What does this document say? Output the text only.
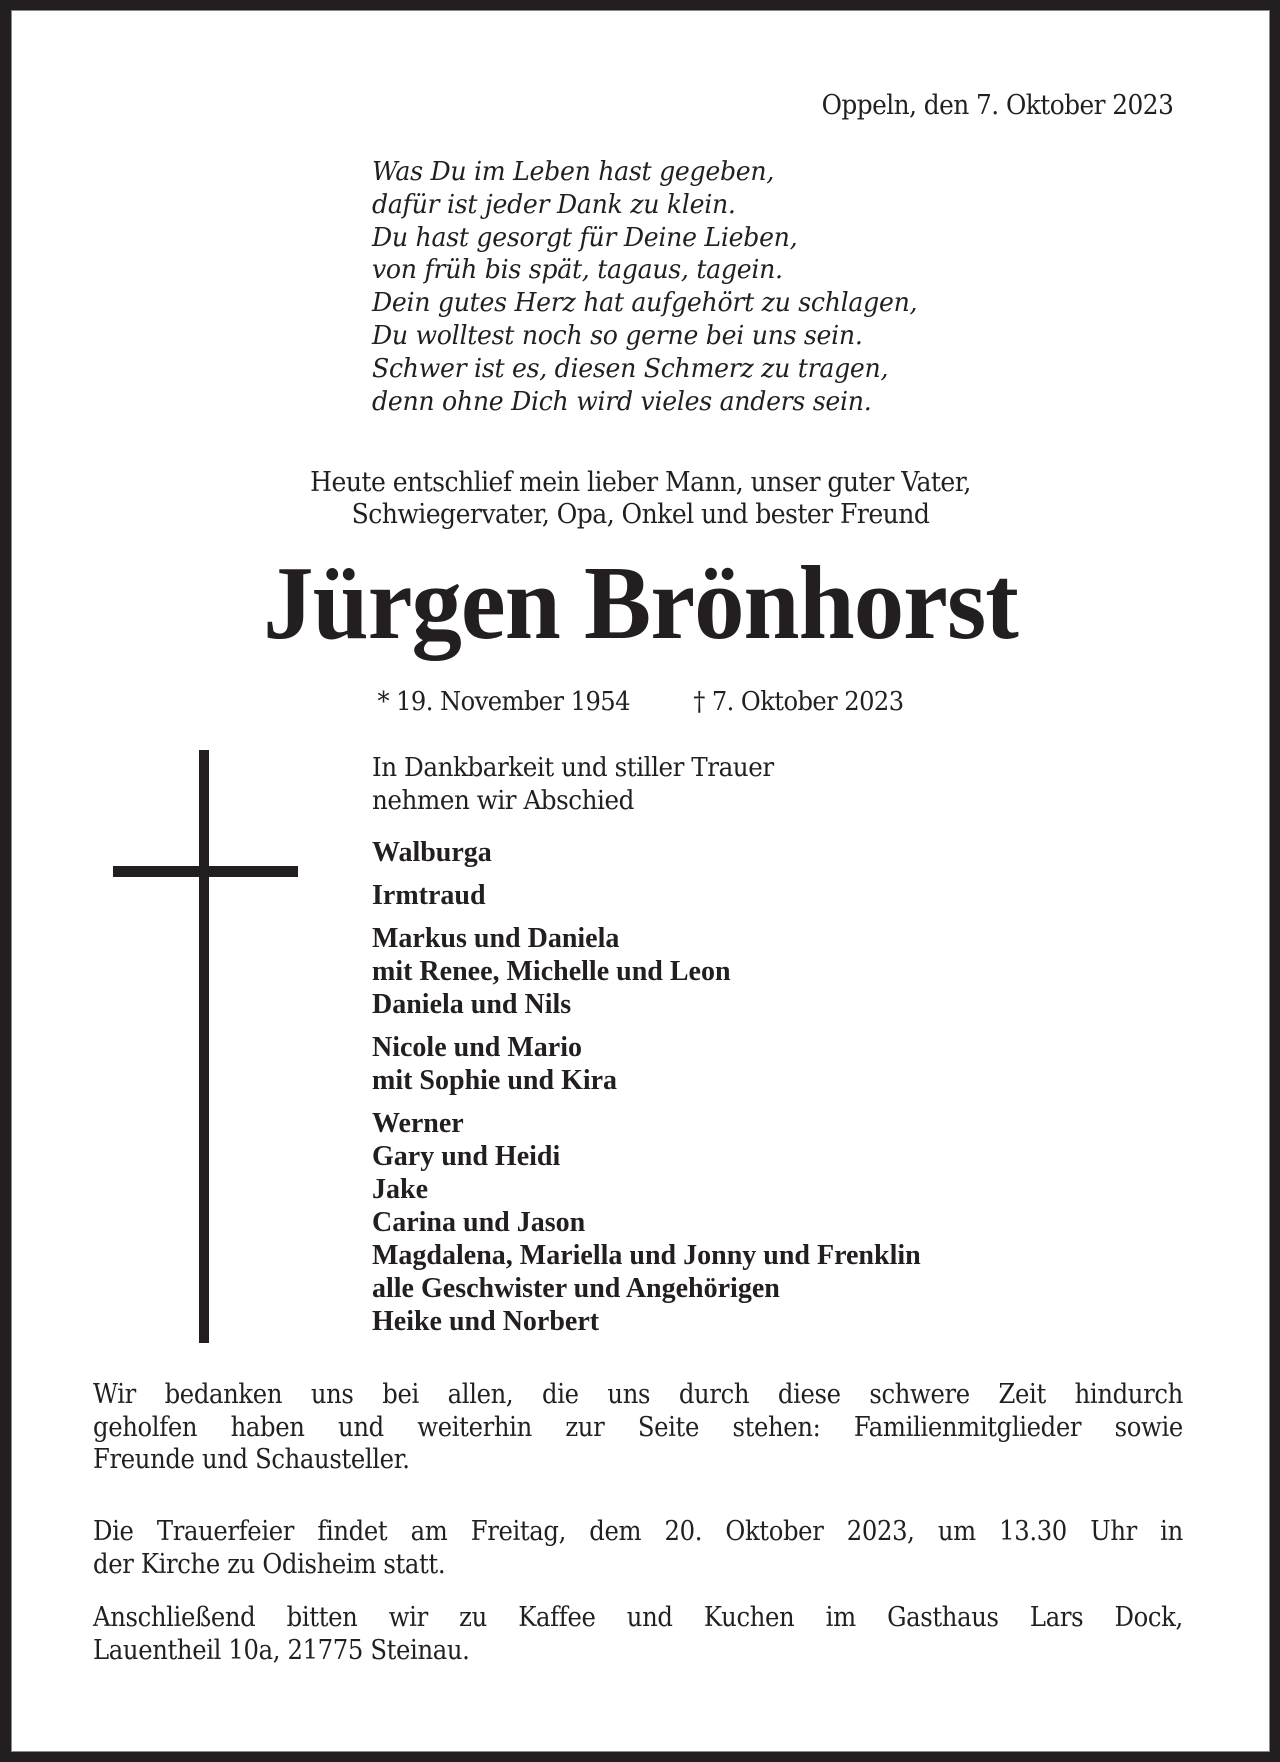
Oppeln, den 7. Oktober 2023
Was Du im Leben hast gegeben,
dafür ist jeder Dank zu klein.
Du hast gesorgt für Deine Lieben,
von früh bis spät, tagaus, tagein.
Dein gutes Herz hat aufgehört zu schlagen,
Du wolltest noch so gerne bei uns sein.
Schwer ist es, diesen Schmerz zu tragen,
denn ohne Dich wird vieles anders sein.
Heute entschlief mein lieber Mann, unser guter Vater,
Schwiegervater, Opa, Onkel und bester Freund
Jürgen Brönhorst
* 19. November 1954 † 7. Oktober 2023
In Dankbarkeit und stiller Trauer
nehmen wir Abschied
Walburga
Irmtraud
Markus und Daniela
mit Renee, Michelle und Leon
Daniela und Nils
Nicole und Mario
mit Sophie und Kira
Werner
Gary und Heidi
Jake
Carina und Jason
Magdalena, Mariella und Jonny und Frenklin
alle Geschwister und Angehörigen
Heike und Norbert
Wir bedanken uns bei allen, die uns durch diese schwere Zeit hindurch
geholfen haben und weiterhin zur Seite stehen: Familienmitglieder sowie
Freunde und Schausteller.
Die Trauerfeier findet am Freitag, dem 20. Oktober 2023, um 13.30 Uhr in
der Kirche zu Odisheim statt.
Anschließend bitten wir zu Kaffee und Kuchen im Gasthaus Lars Dock,
Lauentheil 10a, 21775 Steinau.
